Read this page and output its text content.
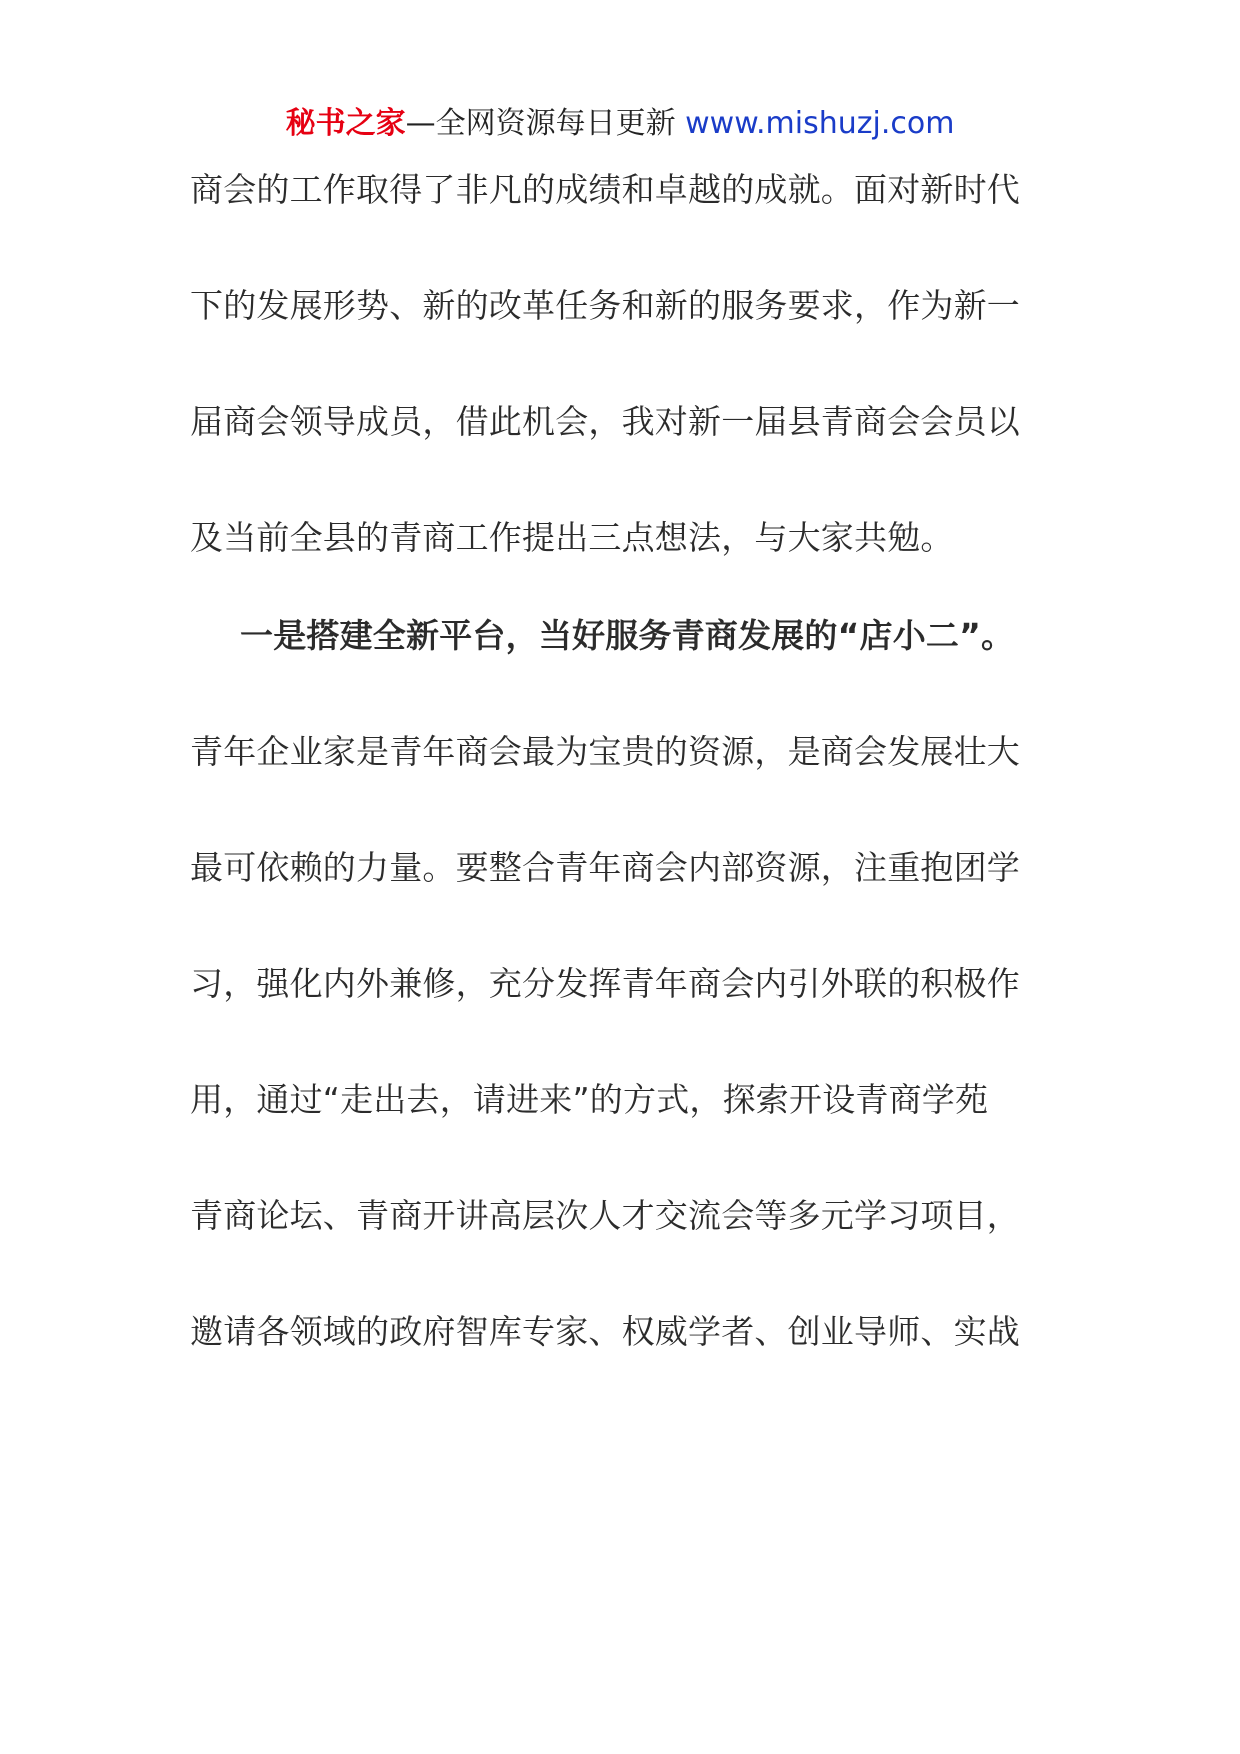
秘书之家—全网资源每日更新 www.mishuzj.com
商会的工作取得了非凡的成绩和卓越的成就。面对新时代
下的发展形势、新的改革任务和新的服务要求，作为新一
届商会领导成员，借此机会，我对新一届县青商会会员以
及当前全县的青商工作提出三点想法，与大家共勉。
一是搭建全新平台，当好服务青商发展的“店小二”。
青年企业家是青年商会最为宝贵的资源，是商会发展壮大
最可依赖的力量。要整合青年商会内部资源，注重抱团学
习，强化内外兼修，充分发挥青年商会内引外联的积极作
用，通过“走出去，请进来”的方式，探索开设青商学苑
青商论坛、青商开讲高层次人才交流会等多元学习项目，
邀请各领域的政府智库专家、权威学者、创业导师、实战
